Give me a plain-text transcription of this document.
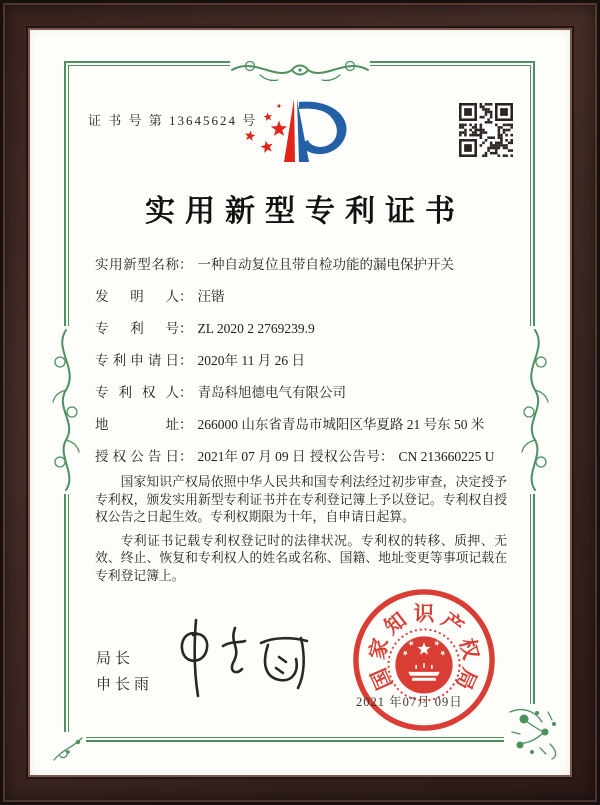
证 书 号 第 13645624 号
实用新型专利证书
实用新型名称： 一种自动复位且带自检功能的漏电保护开关
发 明 人： 汪锴
专 利 号： ZL 2020 2 2769239.9
专利申请日： 2020年 11 月 26 日
专 利 权 人： 青岛科旭德电气有限公司
地 址： 266000 山东省青岛市城阳区华夏路 21 号东 50 米
授权公告日： 2021年 07 月 09 日 授权公告号： CN 213660225 U

国家知识产权局依照中华人民共和国专利法经过初步审查，决定授予专利权，颁发实用新型专利证书并在专利登记簿上予以登记。专利权自授权公告之日起生效。专利权期限为十年，自申请日起算。

专利证书记载专利权登记时的法律状况。专利权的转移、质押、无效、终止、恢复和专利权人的姓名或名称、国籍、地址变更等事项记载在专利登记簿上。

局长
申长雨	国
家
知 识 产
权
局
2021 年07月 09日
